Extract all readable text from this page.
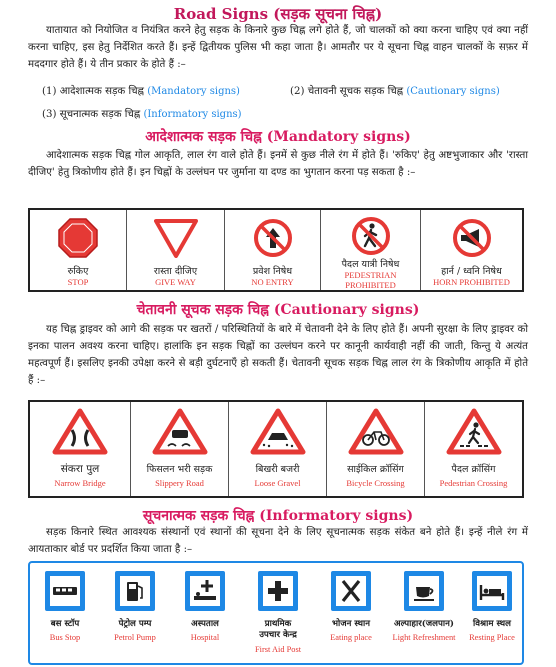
Road Signs (सड़क सूचना चिह्न)

यातायात को नियोजित व नियंत्रित करने हेतु सड़क के किनारे कुछ चिह्न लगे होते हैं, जो चालकों को क्या करना चाहिए एवं क्या नहीं करना चाहिए, इस हेतु निर्देशित करते हैं। इन्हें द्वितीयक पुलिस भी कहा जाता है। आमतौर पर ये सूचना चिह्न वाहन चालकों के सफ़र में मददगार होते हैं। ये तीन प्रकार के होते हैं :–

(1) आदेशात्मक सड़क चिह्न (Mandatory signs)	(2) चेतावनी सूचक सड़क चिह्न (Cautionary signs)
(3) सूचनात्मक सड़क चिह्न (Informatory signs)
आदेशात्मक सड़क चिह्न (Mandatory signs)

आदेशात्मक सड़क चिह्न गोल आकृति, लाल रंग वाले होते हैं। इनमें से कुछ नीले रंग में होते हैं। 'रुकिए' हेतु अष्टभुजाकार और 'रास्ता दीजिए' हेतु त्रिकोणीय होते हैं। इन चिह्नों के उल्लंघन पर जुर्माना या दण्ड का भुगतान करना पड़ सकता है :–

रुकिए
STOP
रास्ता दीजिए
GIVE WAY
प्रवेश निषेध
NO ENTRY
पैदल यात्री निषेध
PEDESTRIAN PROHIBITED
हार्न / ध्वनि निषेध
HORN PROHIBITED
चेतावनी सूचक सड़क चिह्न (Cautionary signs)

यह चिह्न ड्राइवर को आगे की सड़क पर खतरों / परिस्थितियों के बारे में चेतावनी देने के लिए होते हैं। अपनी सुरक्षा के लिए ड्राइवर को इनका पालन अवश्य करना चाहिए। हालांकि इन सड़क चिह्नों का उल्लंघन करने पर कानूनी कार्यवाही नहीं की जाती, किन्तु ये अत्यंत महत्वपूर्ण हैं। इसलिए इनकी उपेक्षा करने से बड़ी दुर्घटनाएँ हो सकती हैं। चेतावनी सूचक सड़क चिह्न लाल रंग के त्रिकोणीय आकृति में होते हैं :–

संकरा पुल
Narrow Bridge
फिसलन भरी सड़क
Slippery Road
बिखरी बजरी
Loose Gravel
साईकिल क्रॉसिंग
Bicycle Crossing
पैदल क्रॉसिंग
Pedestrian Crossing
सूचनात्मक सड़क चिह्न (Informatory signs)

सड़क किनारे स्थित आवश्यक संस्थानों एवं स्थानों की सूचना देने के लिए सूचनात्मक सड़क संकेत बने होते हैं। इन्हें नीले रंग में आयताकार बोर्ड पर प्रदर्शित किया जाता है :–

बस स्टॉप
Bus Stop
पेट्रोल पम्प
Petrol Pump
अस्पताल
Hospital
प्राथमिक उपचार केन्द्र
First Aid Post
भोजन स्थान
Eating place
अल्पाहार(जलपान)
Light Refreshment
विश्राम स्थल
Resting Place
